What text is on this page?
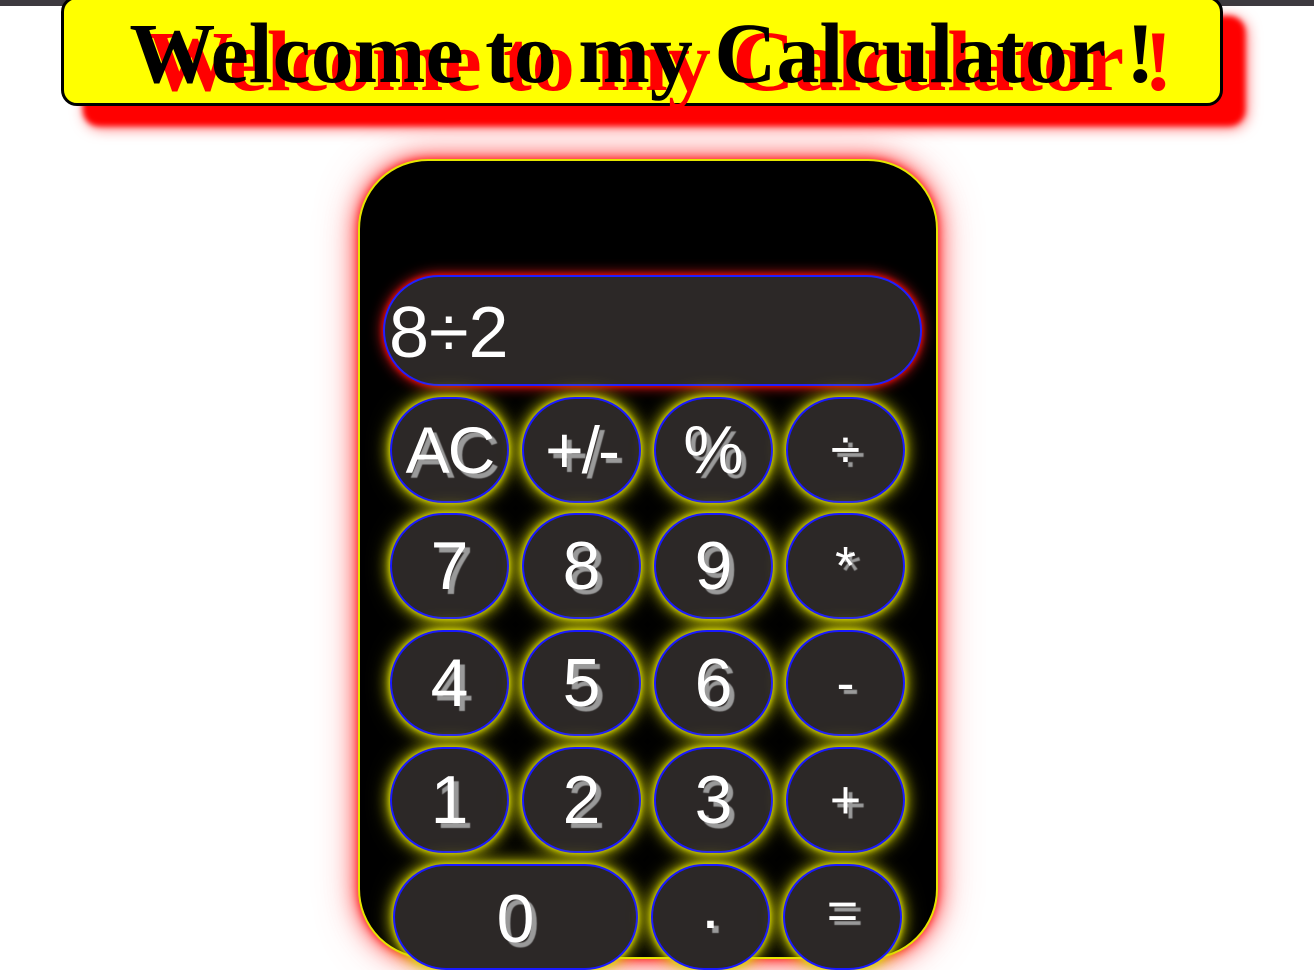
Welcome to my Calculator !
8÷2
AC +/- %	÷
7	8	9	*
4	5	6	-
1	2	3	+
0	.	=
